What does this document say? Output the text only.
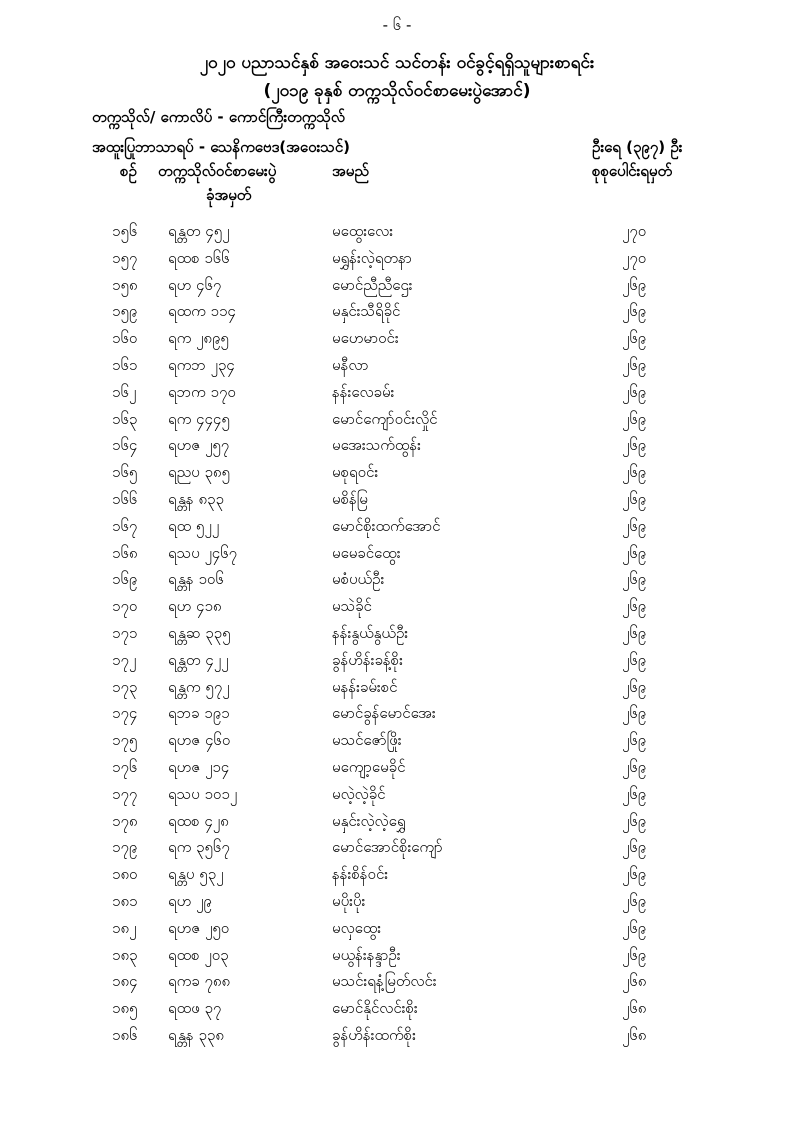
- ၆ -
၂၀၂၀ ပညာသင်နှစ် အဝေးသင် သင်တန်း ဝင်ခွင့်ရရှိသူများစာရင်း
(၂၀၁၉ ခုနှစ် တက္ကသိုလ်ဝင်စာမေးပွဲအောင်)
တက္ကသိုလ်/ ကောလိပ် - ကောင်ကြီးတက္ကသိုလ်
အထူးပြုဘာသာရပ် - သေနိကဗေဒ(အဝေးသင်)	ဦးရေ (၃၉၇) ဦး
စဉ် တက္ကသိုလ်ဝင်စာမေးပွဲ
ခုံအမှတ်
အမည်	စုစုပေါင်းရမှတ်
၁၅၆ ရန္တတ ၄၅၂	မထွေးလေး	၂၇၀
၁၅၇ ရထစ ၁၆၆	မရွှန်းလဲ့ရတနာ	၂၇၀
၁၅၈ ရဟ ၄၆၇	မောင်ညီညီဌေး	၂၆၉
၁၅၉ ရထက ၁၁၄	မနှင်းသီရိခိုင်	၂၆၉
၁၆၀ ရက ၂၈၉၅	မဟေမာဝင်း	၂၆၉
၁၆၁ ရကဘ ၂၃၄	မနီလာ	၂၆၉
၁၆၂ ရဘက ၁၇၀	နန်းလေခမ်း	၂၆၉
၁၆၃ ရက ၄၄၄၅	မောင်ကျော်ဝင်းလှိုင်	၂၆၉
၁၆၄ ရဟဇ ၂၅၇	မအေးသက်ထွန်း	၂၆၉
၁၆၅ ရညပ ၃၈၅	မစုရဝင်း	၂၆၉
၁၆၆ ရန္တန ၈၃၃	မစိန်မြ	၂၆၉
၁၆၇ ရထ ၅၂၂	မောင်စိုးထက်အောင်	၂၆၉
၁၆၈ ရသပ ၂၄၆၇	မမေခင်ထွေး	၂၆၉
၁၆၉ ရန္တန ၁၀၆	မစံပယ်ဦး	၂၆၉
၁၇၀ ရဟ ၄၁၈	မသဲခိုင်	၂၆၉
၁၇၁ ရန္တဆ ၃၃၅	နန်းနွယ်နွယ်ဦး	၂၆၉
၁၇၂ ရန္တတ ၄၂၂	ခွန်ဟိန်းခန့်စိုး	၂၆၉
၁၇၃ ရန္တက ၅၇၂	မနန်းခမ်းစင်	၂၆၉
၁၇၄ ရဘခ ၁၉၁	မောင်ခွန်မောင်အေး	၂၆၉
၁၇၅ ရဟဇ ၄၆၀	မသင်ဇော်ဖြိုး	၂၆၉
၁၇၆ ရဟဇ ၂၁၄	မကျော့မေခိုင်	၂၆၉
၁၇၇ ရသပ ၁၀၁၂	မလဲ့လဲ့ခိုင်	၂၆၉
၁၇၈ ရထစ ၄၂၈	မနှင်းလဲ့လဲ့ရွှေ	၂၆၉
၁၇၉ ရက ၃၅၆၇	မောင်အောင်စိုးကျော်	၂၆၉
၁၈၀ ရန္တပ ၅၃၂	နန်းစိန်ဝင်း	၂၆၉
၁၈၁ ရဟ ၂၉	မပိုးပိုး	၂၆၉
၁၈၂ ရဟဇ ၂၅၀	မလှထွေး	၂၆၉
၁၈၃ ရထစ ၂၀၃	မယွန်းနန္ဒာဦး	၂၆၉
၁၈၄ ရကခ ၇၈၈	မသင်းရနံ့မြတ်လင်း	၂၆၈
၁၈၅ ရထဖ ၃၇	မောင်နိုင်လင်းစိုး	၂၆၈
၁၈၆ ရန္တန ၃၃၈	ခွန်ဟိန်းထက်စိုး	၂၆၈
